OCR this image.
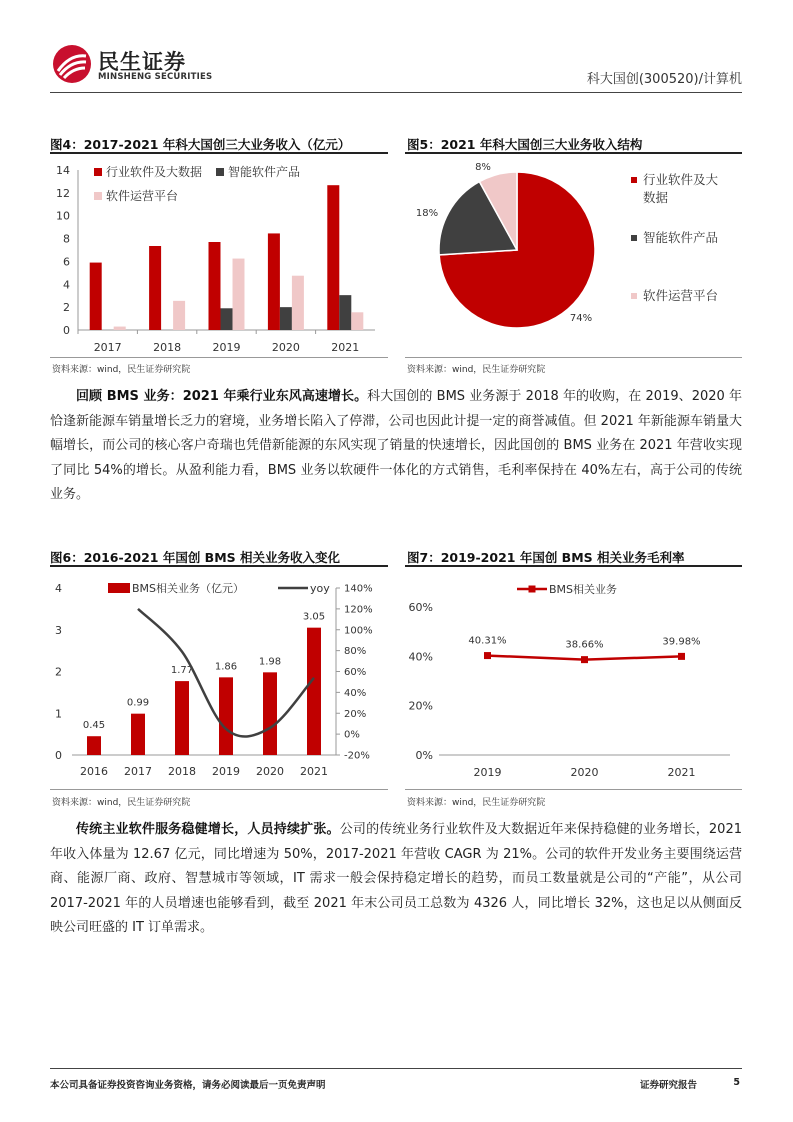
民生证券
MINSHENG SECURITIES	科大国创(300520)/计算机
图4：2017-2021 年科大国创三大业务收入（亿元）
0
2
4
6
8
10
12
14
2017	2018	2019	2020	2021
行业软件及大数据 智能软件产品
软件运营平台
资料来源：wind，民生证券研究院
图5：2021 年科大国创三大业务收入结构
74%
18%
8%
行业软件及大
数据
智能软件产品
软件运营平台
资料来源：wind，民生证券研究院
回顾 BMS 业务：2021 年乘行业东风高速增长。科大国创的 BMS 业务源于 2018 年的收购，在 2019、2020 年恰逢新能源车销量增长乏力的窘境，业务增长陷入了停滞，公司也因此计提一定的商誉减值。但 2021 年新能源车销量大幅增长，而公司的核心客户奇瑞也凭借新能源的东风实现了销量的快速增长，因此国创的 BMS 业务在 2021 年营收实现了同比 54%的增长。从盈利能力看，BMS 业务以软硬件一体化的方式销售，毛利率保持在 40%左右，高于公司的传统业务。
图6：2016-2021 年国创 BMS 相关业务收入变化
0
1
2
3
4
-20%
0%
20%
40%
60%
80%
100%
120%
140%
2016
0.45
2017
0.99
2018
1.77
2019
1.86
2020
1.98
2021
3.05
BMS相关业务（亿元）	yoy
资料来源：wind，民生证券研究院
图7：2019-2021 年国创 BMS 相关业务毛利率
0%
20%
40%
60%
40.31%
2019
38.66%
2020
39.98%
2021
BMS相关业务
资料来源：wind，民生证券研究院
传统主业软件服务稳健增长，人员持续扩张。公司的传统业务行业软件及大数据近年来保持稳健的业务增长，2021 年收入体量为 12.67 亿元，同比增速为 50%，2017-2021 年营收 CAGR 为 21%。公司的软件开发业务主要围绕运营商、能源厂商、政府、智慧城市等领域，IT 需求一般会保持稳定增长的趋势，而员工数量就是公司的“产能”，从公司 2017-2021 年的人员增速也能够看到，截至 2021 年末公司员工总数为 4326 人，同比增长 32%，这也足以从侧面反映公司旺盛的 IT 订单需求。
本公司具备证券投资咨询业务资格，请务必阅读最后一页免责声明	证券研究报告	5
